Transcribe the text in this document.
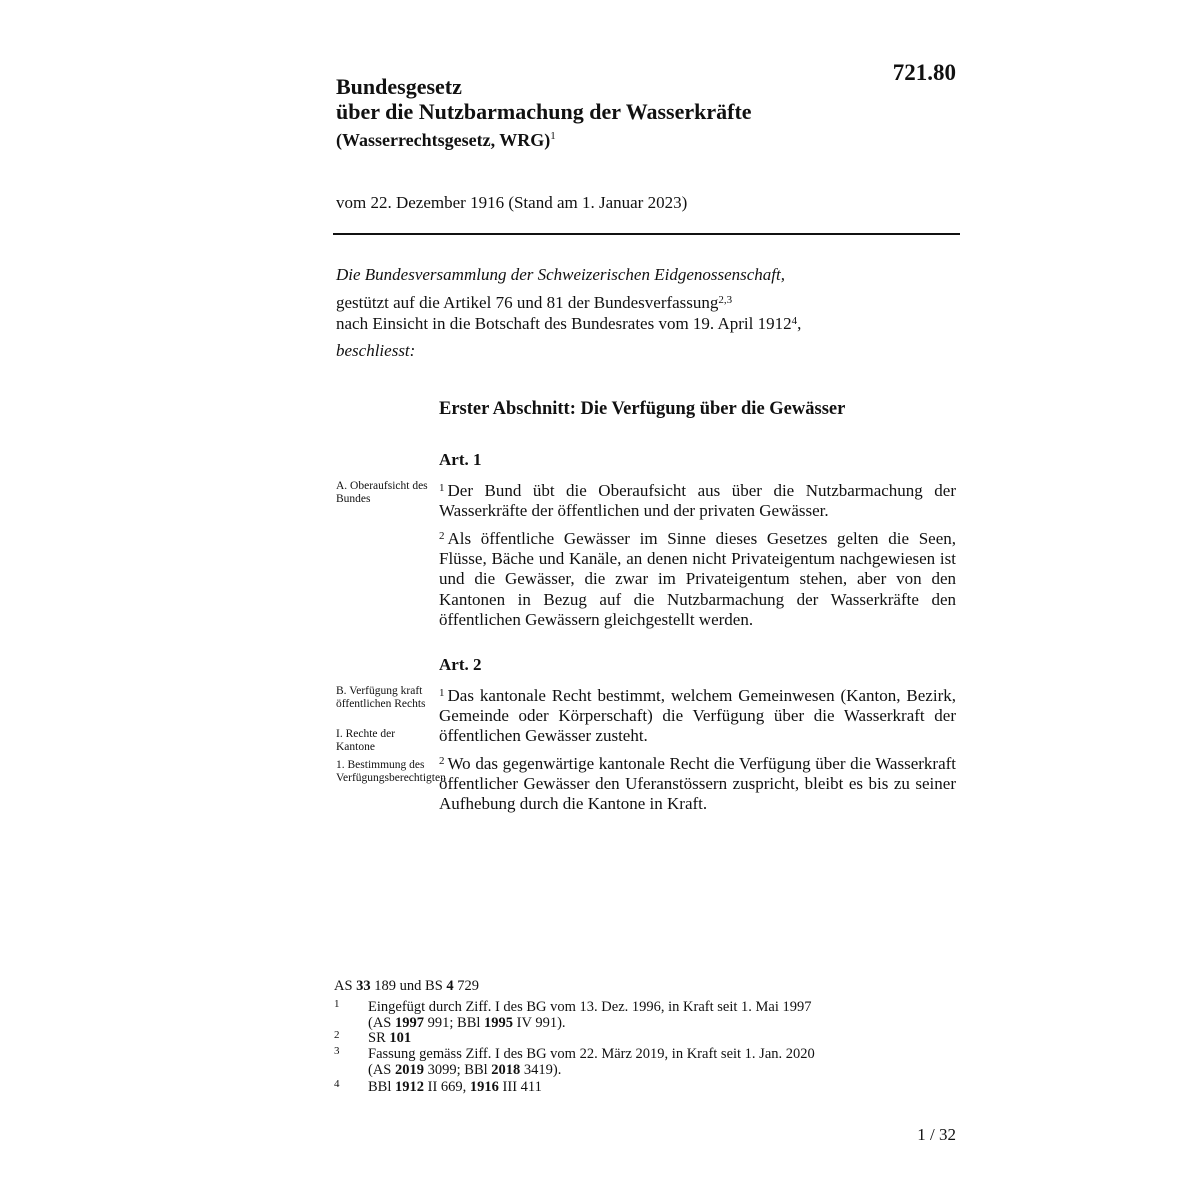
721.80
Bundesgesetz
über die Nutzbarmachung der Wasserkräfte
(Wasserrechtsgesetz, WRG)$^1$
vom 22. Dezember 1916 (Stand am 1. Januar 2023)
Die Bundesversammlung der Schweizerischen Eidgenossenschaft,
gestützt auf die Artikel 76 und 81 der Bundesverfassung$^{2,3}$
nach Einsicht in die Botschaft des Bundesrates vom 19. April 1912$^4$,
beschliesst:
Erster Abschnitt: Die Verfügung über die Gewässer
Art. 1
A. Oberaufsicht des Bundes
$^1$ Der Bund übt die Oberaufsicht aus über die Nutzbarmachung der Wasserkräfte der öffentlichen und der privaten Gewässer.
$^2$ Als öffentliche Gewässer im Sinne dieses Gesetzes gelten die Seen, Flüsse, Bäche und Kanäle, an denen nicht Privateigentum nachgewiesen ist und die Gewässer, die zwar im Privateigentum stehen, aber von den Kantonen in Bezug auf die Nutzbarmachung der Wasserkräfte den öffentlichen Gewässern gleichgestellt werden.
Art. 2
B. Verfügung kraft öffentlichen Rechts
I. Rechte der Kantone
1. Bestimmung des Verfügungsberechtigten
$^1$ Das kantonale Recht bestimmt, welchem Gemeinwesen (Kanton, Bezirk, Gemeinde oder Körperschaft) die Verfügung über die Wasserkraft der öffentlichen Gewässer zusteht.
$^2$ Wo das gegenwärtige kantonale Recht die Verfügung über die Wasserkraft öffentlicher Gewässer den Uferanstössern zuspricht, bleibt es bis zu seiner Aufhebung durch die Kantone in Kraft.
AS 33 189 und BS 4 729
1 Eingefügt durch Ziff. I des BG vom 13. Dez. 1996, in Kraft seit 1. Mai 1997
(AS 1997 991; BBl 1995 IV 991).
2 SR 101
3 Fassung gemäss Ziff. I des BG vom 22. März 2019, in Kraft seit 1. Jan. 2020
(AS 2019 3099; BBl 2018 3419).
4 BBl 1912 II 669, 1916 III 411
1 / 32
